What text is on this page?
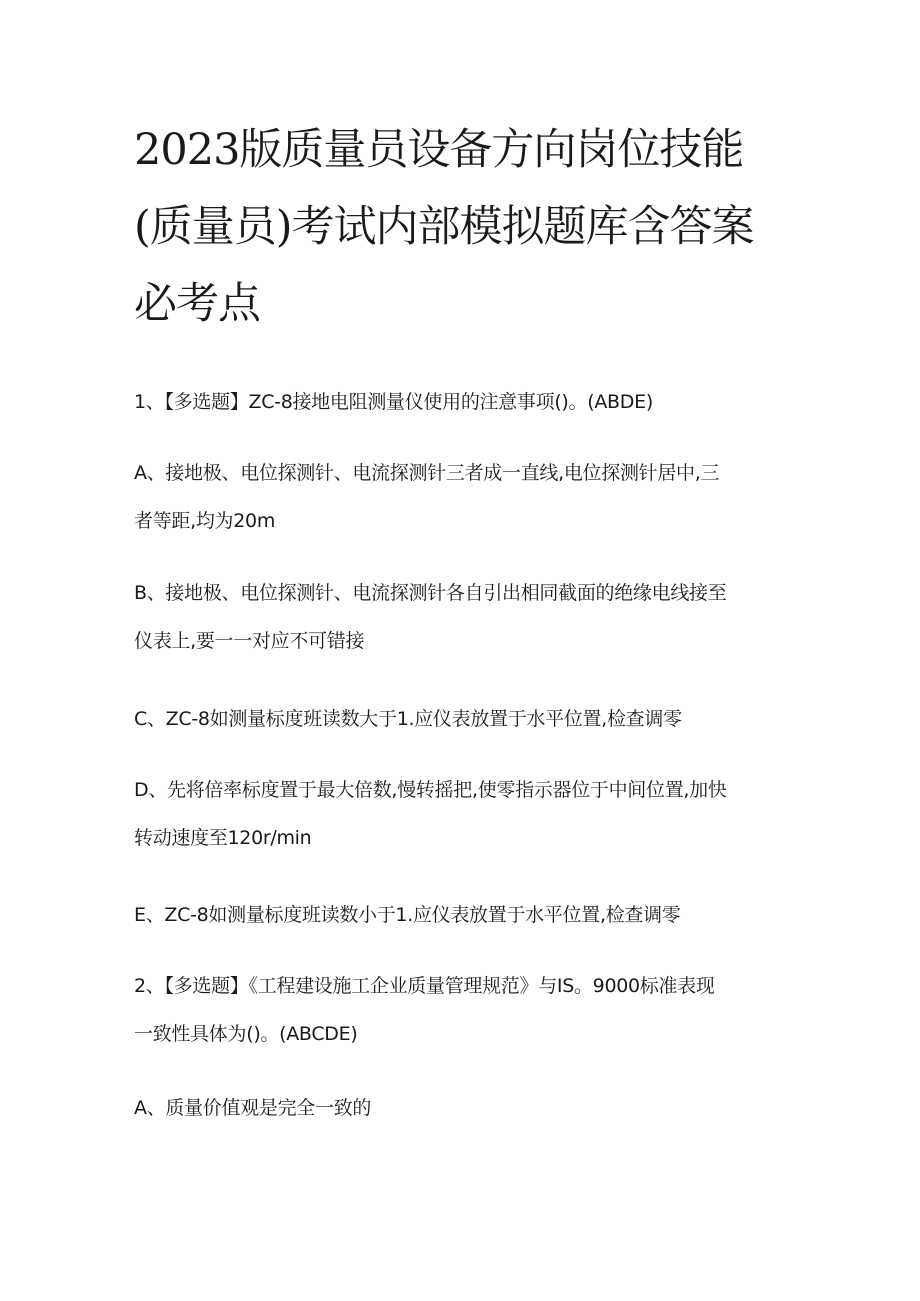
2023版质量员设备方向岗位技能
(质量员)考试内部模拟题库含答案
必考点
1、【多选题】ZC-8接地电阻测量仪使用的注意事项()。(ABDE)
A、接地极、电位探测针、电流探测针三者成一直线,电位探测针居中,三
者等距,均为20m
B、接地极、电位探测针、电流探测针各自引出相同截面的绝缘电线接至
仪表上,要一一对应不可错接
C、ZC-8如测量标度班读数大于1.应仪表放置于水平位置,检查调零
D、先将倍率标度置于最大倍数,慢转摇把,使零指示器位于中间位置,加快
转动速度至120r∕min
E、ZC-8如测量标度班读数小于1.应仪表放置于水平位置,检查调零
2、【多选题】《工程建设施工企业质量管理规范》与IS。9000标准表现
一致性具体为()。(ABCDE)
A、质量价值观是完全一致的
